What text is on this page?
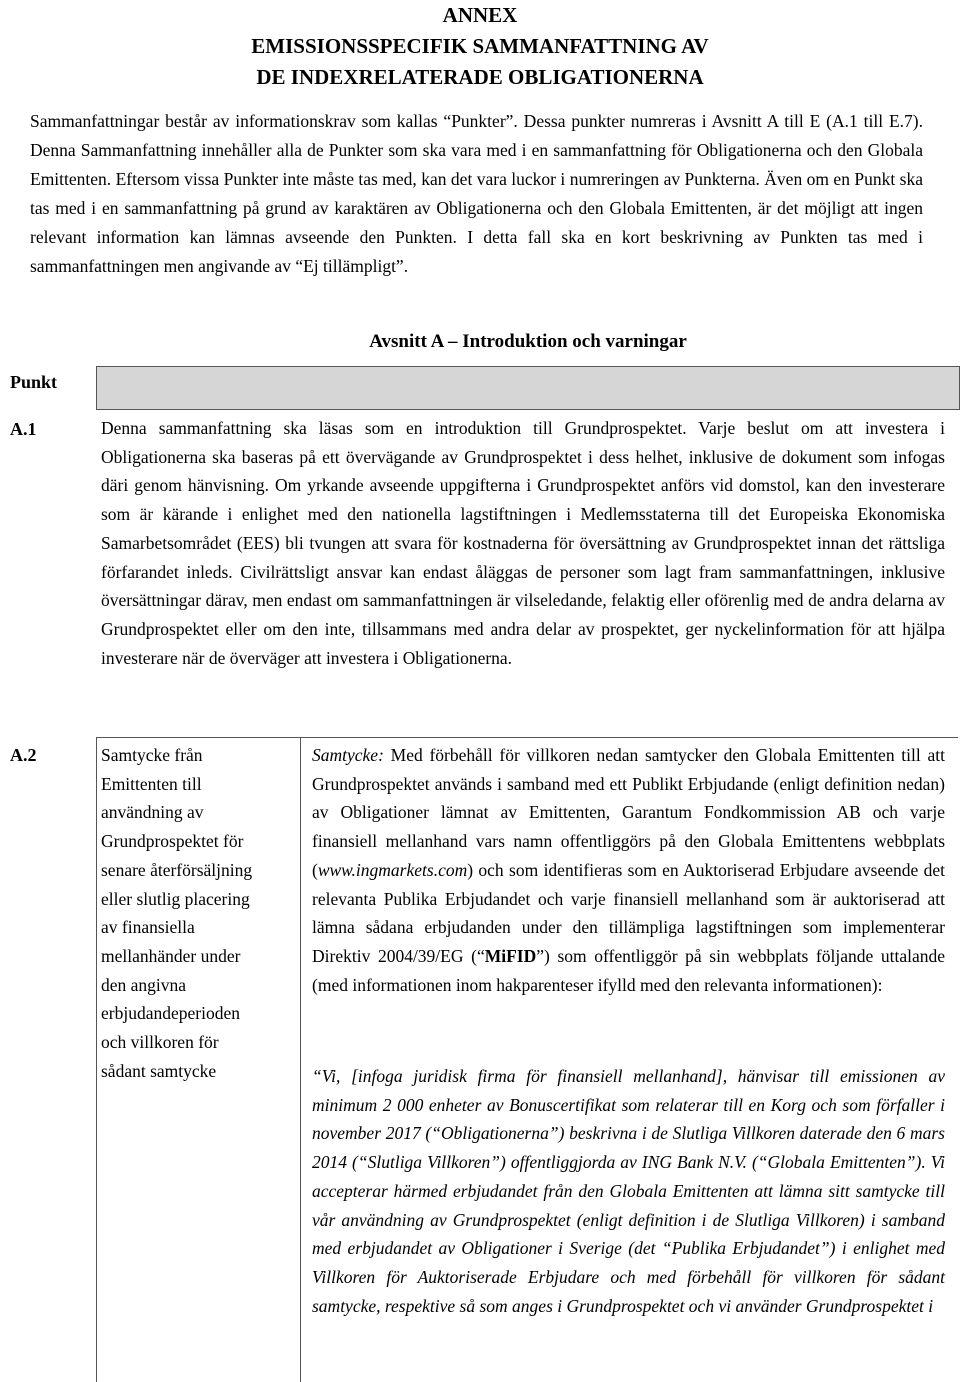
ANNEX
EMISSIONSSPECIFIK SAMMANFATTNING AV
DE INDEXRELATERADE OBLIGATIONERNA
Sammanfattningar består av informationskrav som kallas “Punkter”. Dessa punkter numreras i Avsnitt A till E (A.1 till E.7). Denna Sammanfattning innehåller alla de Punkter som ska vara med i en sammanfattning för Obligationerna och den Globala Emittenten. Eftersom vissa Punkter inte måste tas med, kan det vara luckor i numreringen av Punkterna. Även om en Punkt ska tas med i en sammanfattning på grund av karaktären av Obligationerna och den Globala Emittenten, är det möjligt att ingen relevant information kan lämnas avseende den Punkten. I detta fall ska en kort beskrivning av Punkten tas med i sammanfattningen men angivande av “Ej tillämpligt”.
Avsnitt A – Introduktion och varningar
Punkt
A.1	Denna sammanfattning ska läsas som en introduktion till Grundprospektet. Varje beslut om att investera i Obligationerna ska baseras på ett övervägande av Grundprospektet i dess helhet, inklusive de dokument som infogas däri genom hänvisning. Om yrkande avseende uppgifterna i Grundprospektet anförs vid domstol, kan den investerare som är kärande i enlighet med den nationella lagstiftningen i Medlemsstaterna till det Europeiska Ekonomiska Samarbetsområdet (EES) bli tvungen att svara för kostnaderna för översättning av Grundprospektet innan det rättsliga förfarandet inleds. Civilrättsligt ansvar kan endast åläggas de personer som lagt fram sammanfattningen, inklusive översättningar därav, men endast om sammanfattningen är vilseledande, felaktig eller oförenlig med de andra delarna av Grundprospektet eller om den inte, tillsammans med andra delar av prospektet, ger nyckelinformation för att hjälpa investerare när de överväger att investera i Obligationerna.
A.2	Samtycke från
Emittenten till
användning av
Grundprospektet för
senare återförsäljning
eller slutlig placering
av finansiella
mellanhänder under
den angivna
erbjudandeperioden
och villkoren för
sådant samtycke
Samtycke: Med förbehåll för villkoren nedan samtycker den Globala Emittenten till att Grundprospektet används i samband med ett Publikt Erbjudande (enligt definition nedan) av Obligationer lämnat av Emittenten, Garantum Fondkommission AB och varje finansiell mellanhand vars namn offentliggörs på den Globala Emittentens webbplats (www.ingmarkets.com) och som identifieras som en Auktoriserad Erbjudare avseende det relevanta Publika Erbjudandet och varje finansiell mellanhand som är auktoriserad att lämna sådana erbjudanden under den tillämpliga lagstiftningen som implementerar Direktiv 2004/39/EG (“MiFID”) som offentliggör på sin webbplats följande uttalande (med informationen inom hakparenteser ifylld med den relevanta informationen):
“Vi, [infoga juridisk firma för finansiell mellanhand], hänvisar till emissionen av minimum 2 000 enheter av Bonuscertifikat som relaterar till en Korg och som förfaller i november 2017 (“Obligationerna”) beskrivna i de Slutliga Villkoren daterade den 6 mars 2014 (“Slutliga Villkoren”) offentliggjorda av ING Bank N.V. (“Globala Emittenten”). Vi accepterar härmed erbjudandet från den Globala Emittenten att lämna sitt samtycke till vår användning av Grundprospektet (enligt definition i de Slutliga Villkoren) i samband med erbjudandet av Obligationer i Sverige (det “Publika Erbjudandet”) i enlighet med Villkoren för Auktoriserade Erbjudare och med förbehåll för villkoren för sådant samtycke, respektive så som anges i Grundprospektet och vi använder Grundprospektet i
